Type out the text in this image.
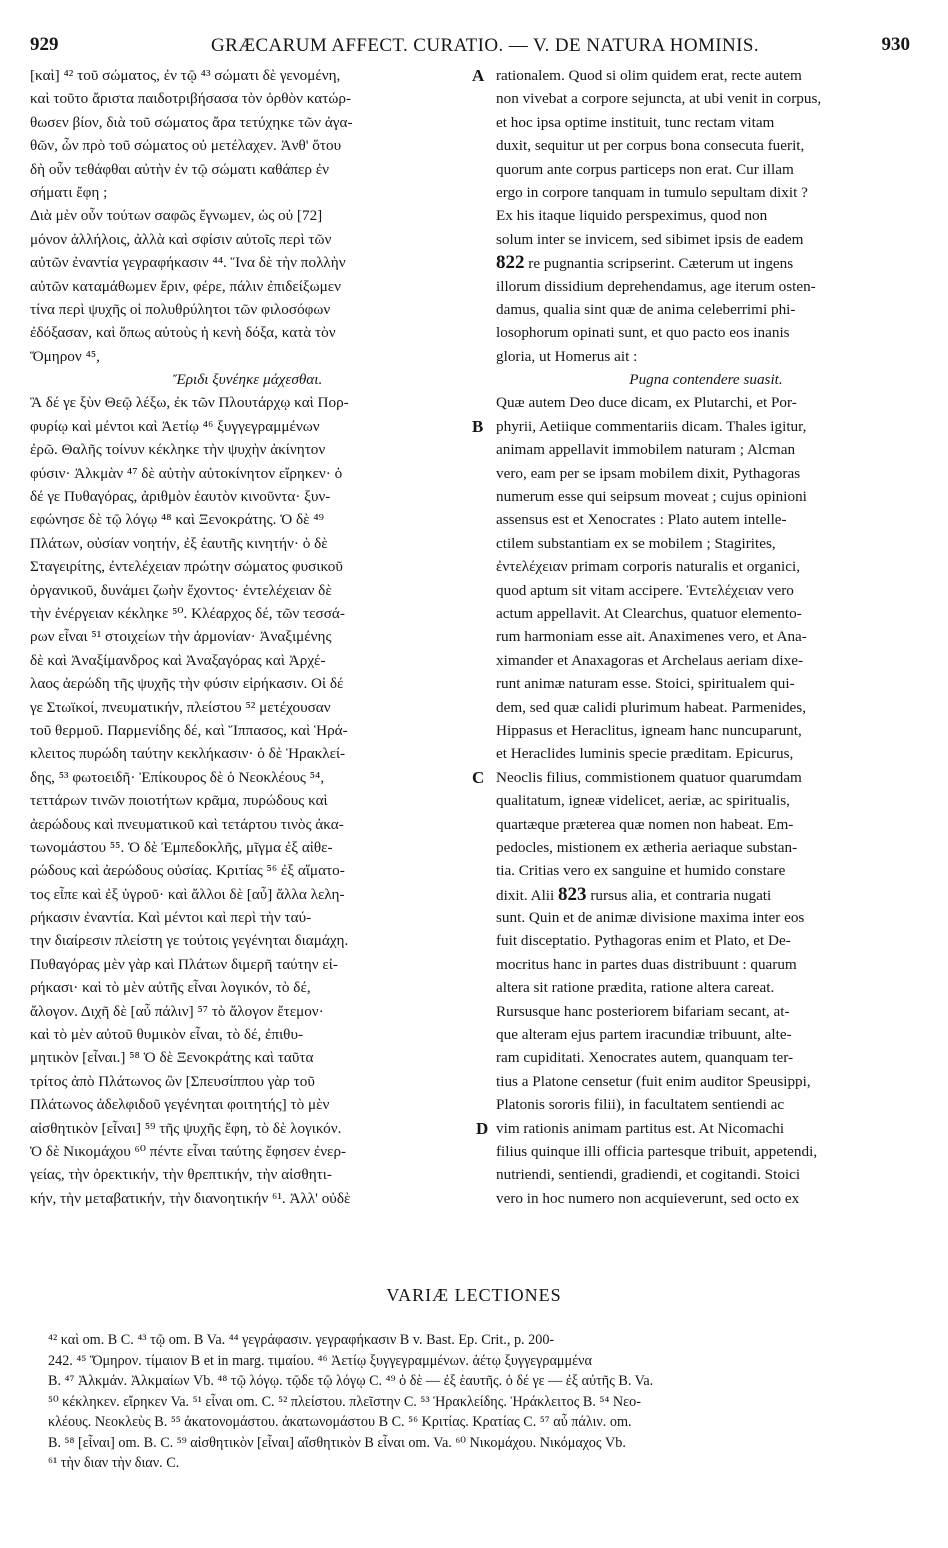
929	GRÆCARUM AFFECT. CURATIO. — V. DE NATURA HOMINIS.	930
[καὶ] ⁴² τοῦ σώματος, ἐν τῷ ⁴³ σώματι δὲ γενομένη,
καὶ τοῦτο ἄριστα παιδοτριβήσασα τὸν ὀρθὸν κατώρ-
θωσεν βίον, διὰ τοῦ σώματος ἄρα τετύχηκε τῶν ἀγα-
θῶν, ὧν πρὸ τοῦ σώματος οὐ μετέλαχεν. Ἀνθ' ὅτου
δὴ οὖν τεθάφθαι αὐτὴν ἐν τῷ σώματι καθάπερ ἐν
σήματι ἔφη ;
Διὰ μὲν οὖν τούτων σαφῶς ἔγνωμεν, ὡς οὐ [72]
μόνον ἀλλήλοις, ἀλλὰ καὶ σφίσιν αὐτοῖς περὶ τῶν
αὐτῶν ἐναντία γεγραφήκασιν ⁴⁴. Ἵνα δὲ τὴν πολλὴν
αὐτῶν καταμάθωμεν ἔριν, φέρε, πάλιν ἐπιδείξωμεν
τίνα περὶ ψυχῆς οἱ πολυθρύλητοι τῶν φιλοσόφων
ἐδόξασαν, καὶ ὅπως αὐτοὺς ἡ κενὴ δόξα, κατὰ τὸν
Ὅμηρον ⁴⁵,
Ἔριδι ξυνέηκε μάχεσθαι.
Ἃ δέ γε ξὺν Θεῷ λέξω, ἐκ τῶν Πλουτάρχῳ καὶ Πορ-
φυρίῳ καὶ μέντοι καὶ Ἀετίῳ ⁴⁶ ξυγγεγραμμένων
ἐρῶ. Θαλῆς τοίνυν κέκληκε τὴν ψυχὴν ἀκίνητον
φύσιν· Ἀλκμὰν ⁴⁷ δὲ αὐτὴν αὐτοκίνητον εἴρηκεν· ὁ
δέ γε Πυθαγόρας, ἀριθμὸν ἑαυτὸν κινοῦντα· ξυν-
εφώνησε δὲ τῷ λόγῳ ⁴⁸ καὶ Ξενοκράτης. Ὁ δὲ ⁴⁹
Πλάτων, οὐσίαν νοητήν, ἐξ ἑαυτῆς κινητήν· ὁ δὲ
Σταγειρίτης, ἐντελέχειαν πρώτην σώματος φυσικοῦ
ὀργανικοῦ, δυνάμει ζωὴν ἔχοντος· ἐντελέχειαν δὲ
τὴν ἐνέργειαν κέκληκε ⁵⁰. Κλέαρχος δέ, τῶν τεσσά-
ρων εἶναι ⁵¹ στοιχείων τὴν ἁρμονίαν· Ἀναξιμένης
δὲ καὶ Ἀναξίμανδρος καὶ Ἀναξαγόρας καὶ Ἀρχέ-
λαος ἀερώδη τῆς ψυχῆς τὴν φύσιν εἰρήκασιν. Οἱ δέ
γε Στωϊκοί, πνευματικήν, πλείστου ⁵² μετέχουσαν
τοῦ θερμοῦ. Παρμενίδης δέ, καὶ Ἵππασος, καὶ Ἡρά-
κλειτος πυρώδη ταύτην κεκλήκασιν· ὁ δὲ Ἡρακλεί-
δης, ⁵³ φωτοειδῆ· Ἐπίκουρος δὲ ὁ Νεοκλέους ⁵⁴,
τεττάρων τινῶν ποιοτήτων κρᾶμα, πυρώδους καὶ
ἀερώδους καὶ πνευματικοῦ καὶ τετάρτου τινὸς ἀκα-
τωνομάστου ⁵⁵. Ὁ δὲ Ἐμπεδοκλῆς, μῖγμα ἐξ αἰθε-
ρώδους καὶ ἀερώδους οὐσίας. Κριτίας ⁵⁶ ἐξ αἵματο-
τος εἶπε καὶ ἐξ ὑγροῦ· καὶ ἄλλοι δὲ [αὖ] ἄλλα λελη-
ρήκασιν ἐναντία. Καὶ μέντοι καὶ περὶ τὴν ταύ-
την διαίρεσιν πλείστη γε τούτοις γεγένηται διαμάχη.
Πυθαγόρας μὲν γὰρ καὶ Πλάτων διμερῆ ταύτην εἰ-
ρήκασι· καὶ τὸ μὲν αὐτῆς εἶναι λογικόν, τὸ δέ,
ἄλογον. Διχῆ δὲ [αὖ πάλιν] ⁵⁷ τὸ ἄλογον ἔτεμον·
καὶ τὸ μὲν αὐτοῦ θυμικὸν εἶναι, τὸ δέ, ἐπιθυ-
μητικὸν [εἶναι.] ⁵⁸ Ὁ δὲ Ξενοκράτης καὶ ταῦτα
τρίτος ἀπὸ Πλάτωνος ὢν [Σπευσίππου γὰρ τοῦ
Πλάτωνος ἀδελφιδοῦ γεγένηται φοιτητής] τὸ μὲν
αἰσθητικὸν [εἶναι] ⁵⁹ τῆς ψυχῆς ἔφη, τὸ δὲ λογικόν.
Ὁ δὲ Νικομάχου ⁶⁰ πέντε εἶναι ταύτης ἔφησεν ἐνερ-
γείας, τὴν ὀρεκτικήν, τὴν θρεπτικήν, τὴν αἰσθητι-
κήν, τὴν μεταβατικήν, τὴν διανοητικήν ⁶¹. Ἀλλ' οὐδὲ
rationalem. Quod si olim quidem erat, recte autem
non vivebat a corpore sejuncta, at ubi venit in corpus,
et hoc ipsa optime instituit, tunc rectam vitam
duxit, sequitur ut per corpus bona consecuta fuerit,
quorum ante corpus particeps non erat. Cur illam
ergo in corpore tanquam in tumulo sepultam dixit ?
Ex his itaque liquido perspeximus, quod non
solum inter se invicem, sed sibimet ipsis de eadem
822 re pugnantia scripserint. Cæterum ut ingens
illorum dissidium deprehendamus, age iterum osten-
damus, qualia sint quæ de anima celeberrimi phi-
losophorum opinati sunt, et quo pacto eos inanis
gloria, ut Homerus ait :
Pugna contendere suasit.
Quæ autem Deo duce dicam, ex Plutarchi, et Por-
phyrii, Aetiique commentariis dicam. Thales igitur,
animam appellavit immobilem naturam ; Alcman
vero, eam per se ipsam mobilem dixit, Pythagoras
numerum esse qui seipsum moveat ; cujus opinioni
assensus est et Xenocrates : Plato autem intelle-
ctilem substantiam ex se mobilem ; Stagirites,
ἐντελέχειαν primam corporis naturalis et organici,
quod aptum sit vitam accipere. Ἐντελέχειαν vero
actum appellavit. At Clearchus, quatuor elemento-
rum harmoniam esse ait. Anaximenes vero, et Ana-
ximander et Anaxagoras et Archelaus aeriam dixe-
runt animæ naturam esse. Stoici, spiritualem qui-
dem, sed quæ calidi plurimum habeat. Parmenides,
Hippasus et Heraclitus, igneam hanc nuncuparunt,
et Heraclides luminis specie præditam. Epicurus,
Neoclis filius, commistionem quatuor quarumdam
qualitatum, igneæ videlicet, aeriæ, ac spiritualis,
quartæque præterea quæ nomen non habeat. Em-
pedocles, mistionem ex ætheria aeriaque substan-
tia. Critias vero ex sanguine et humido constare
dixit. Alii 823 rursus alia, et contraria nugati
sunt. Quin et de animæ divisione maxima inter eos
fuit disceptatio. Pythagoras enim et Plato, et De-
mocritus hanc in partes duas distribuunt : quarum
altera sit ratione prædita, ratione altera careat.
Rursusque hanc posteriorem bifariam secant, at-
que alteram ejus partem iracundiæ tribuunt, alte-
ram cupiditati. Xenocrates autem, quanquam ter-
tius a Platone censetur (fuit enim auditor Speusippi,
Platonis sororis filii), in facultatem sentiendi ac
vim rationis animam partitus est. At Nicomachi
filius quinque illi officia partesque tribuit, appetendi,
nutriendi, sentiendi, gradiendi, et cogitandi. Stoici
vero in hoc numero non acquieverunt, sed octo ex
A
B
C
D
VARIÆ LECTIONES
⁴² καὶ om. B C. ⁴³ τῷ om. B Va. ⁴⁴ γεγράφασιν. γεγραφήκασιν B v. Bast. Ep. Crit., p. 200-
242. ⁴⁵ Ὅμηρον. τίμαιον B et in marg. τιμαίου. ⁴⁶ Ἀετίῳ ξυγγεγραμμένων. ἀέτῳ ξυγγεγραμμένα
B. ⁴⁷ Ἀλκμάν. Ἀλκμαίων Vb. ⁴⁸ τῷ λόγῳ. τῷδε τῷ λόγῳ C. ⁴⁹ ὁ δὲ — ἐξ ἑαυτῆς. ὁ δέ γε — ἐξ αὐτῆς B. Va.
⁵⁰ κέκληκεν. εἴρηκεν Va. ⁵¹ εἶναι om. C. ⁵² πλείστου. πλεῖστην C. ⁵³ Ἡρακλείδης. Ἡράκλειτος B. ⁵⁴ Νεο-
κλέους. Νεοκλεὺς B. ⁵⁵ ἀκατονομάστου. ἀκατωνομάστου B C. ⁵⁶ Κριτίας. Κρατίας C. ⁵⁷ αὖ πάλιν. om.
B. ⁵⁸ [εἶναι] om. B. C. ⁵⁹ αἰσθητικὸν [εἶναι] αἴσθητικὸν B εἶναι om. Va. ⁶⁰ Νικομάχου. Νικόμαχος Vb.
⁶¹ τὴν διαν τὴν διαν. C.
